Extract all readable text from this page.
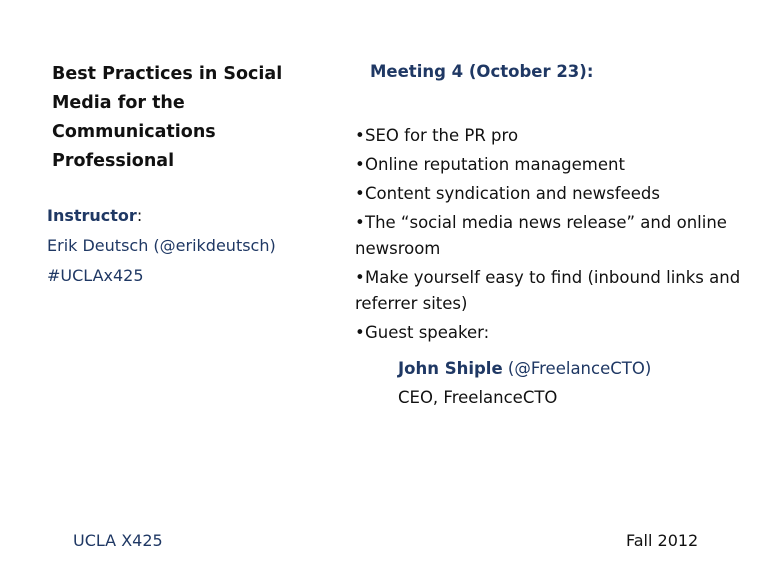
Best Practices in Social Media for the Communications Professional
Instructor:
Erik Deutsch (@erikdeutsch)
#UCLAx425
Meeting 4 (October 23):
•SEO for the PR pro
•Online reputation management
•Content syndication and newsfeeds
•The “social media news release” and online newsroom
•Make yourself easy to find (inbound links and referrer sites)
•Guest speaker:
John Shiple (@FreelanceCTO)
CEO, FreelanceCTO
UCLA X425	Fall 2012
